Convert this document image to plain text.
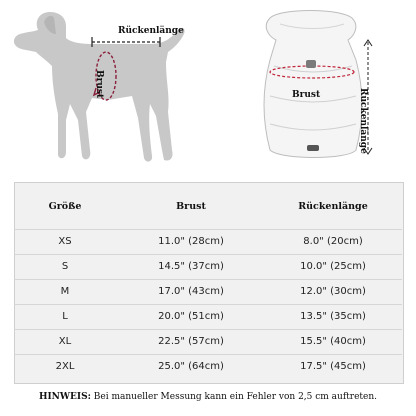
Rückenlänge
Brust	Brust	Rückenlänge
Größe	Brust	Rückenlänge
XS	11.0" (28cm)	8.0" (20cm)
S	14.5" (37cm)	10.0" (25cm)
M	17.0" (43cm)	12.0" (30cm)
L	20.0" (51cm)	13.5" (35cm)
XL	22.5" (57cm)	15.5" (40cm)
2XL	25.0" (64cm)	17.5" (45cm)
HINWEIS: Bei manueller Messung kann ein Fehler von 2,5 cm auftreten.
